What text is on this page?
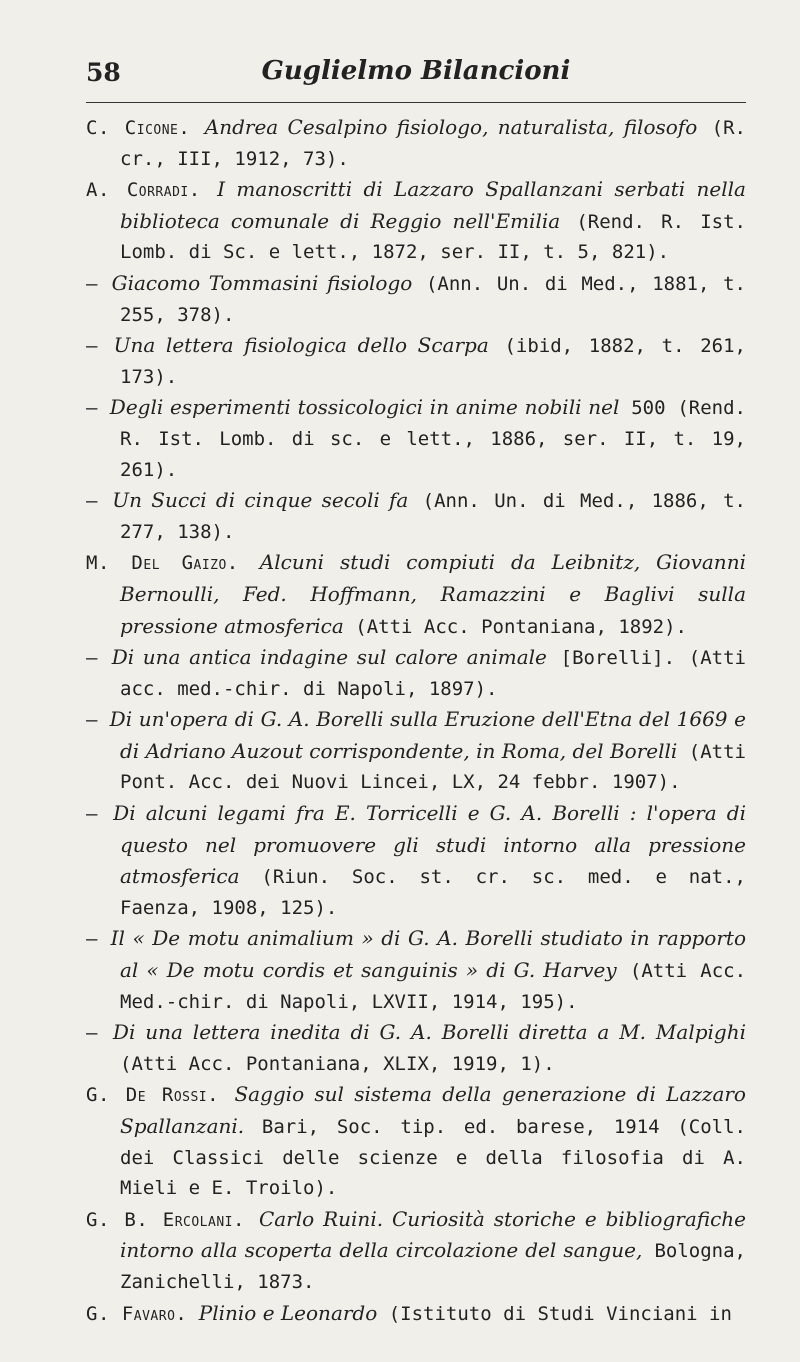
58	Guglielmo Bilancioni

C. Cicone. Andrea Cesalpino fisiologo, naturalista, filosofo (R. cr., III, 1912, 73).

A. Corradi. I manoscritti di Lazzaro Spallanzani serbati nella biblioteca comunale di Reggio nell'Emilia (Rend. R. Ist. Lomb. di Sc. e lett., 1872, ser. II, t. 5, 821).

— Giacomo Tommasini fisiologo (Ann. Un. di Med., 1881, t. 255, 378).

— Una lettera fisiologica dello Scarpa (ibid, 1882, t. 261, 173).

— Degli esperimenti tossicologici in anime nobili nel 500 (Rend. R. Ist. Lomb. di sc. e lett., 1886, ser. II, t. 19, 261).

— Un Succi di cinque secoli fa (Ann. Un. di Med., 1886, t. 277, 138).

M. Del Gaizo. Alcuni studi compiuti da Leibnitz, Giovanni Bernoulli, Fed. Hoffmann, Ramazzini e Baglivi sulla pressione atmosferica (Atti Acc. Pontaniana, 1892).

— Di una antica indagine sul calore animale [Borelli]. (Atti acc. med.-chir. di Napoli, 1897).

— Di un'opera di G. A. Borelli sulla Eruzione dell'Etna del 1669 e di Adriano Auzout corrispondente, in Roma, del Borelli (Atti Pont. Acc. dei Nuovi Lincei, LX, 24 febbr. 1907).

— Di alcuni legami fra E. Torricelli e G. A. Borelli : l'opera di questo nel promuovere gli studi intorno alla pressione atmosferica (Riun. Soc. st. cr. sc. med. e nat., Faenza, 1908, 125).

— Il « De motu animalium » di G. A. Borelli studiato in rapporto al « De motu cordis et sanguinis » di G. Harvey (Atti Acc. Med.-chir. di Napoli, LXVII, 1914, 195).

— Di una lettera inedita di G. A. Borelli diretta a M. Malpighi (Atti Acc. Pontaniana, XLIX, 1919, 1).

G. De Rossi. Saggio sul sistema della generazione di Lazzaro Spallanzani. Bari, Soc. tip. ed. barese, 1914 (Coll. dei Classici delle scienze e della filosofia di A. Mieli e E. Troilo).

G. B. Ercolani. Carlo Ruini. Curiosità storiche e bibliografiche intorno alla scoperta della circolazione del sangue, Bologna, Zanichelli, 1873.

G. Favaro. Plinio e Leonardo (Istituto di Studi Vinciani in
